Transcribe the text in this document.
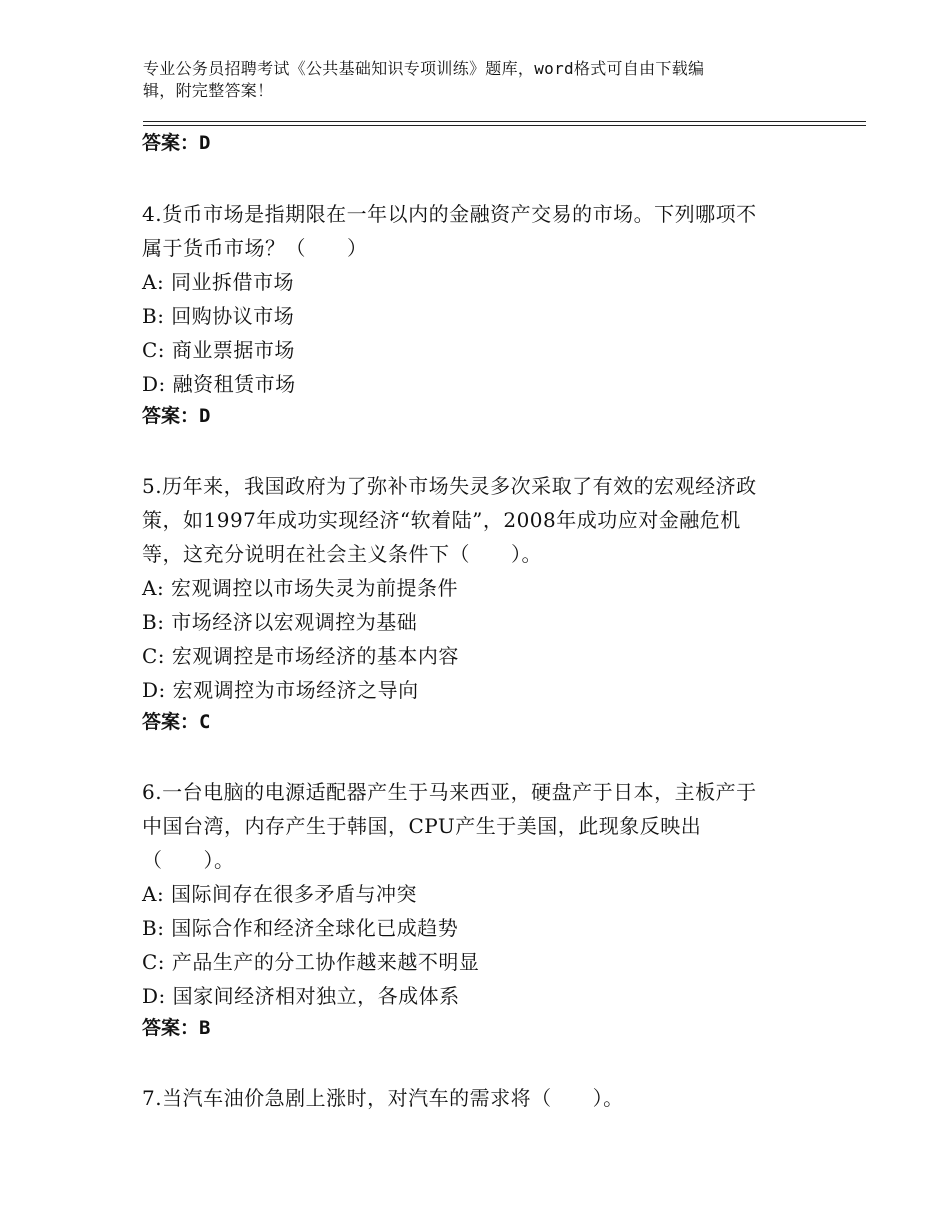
专业公务员招聘考试《公共基础知识专项训练》题库，word格式可自由下载编
辑，附完整答案！
答案：D
4.货币市场是指期限在一年以内的金融资产交易的市场。下列哪项不
属于货币市场？（　　）
A: 同业拆借市场
B: 回购协议市场
C: 商业票据市场
D: 融资租赁市场
答案：D
5.历年来，我国政府为了弥补市场失灵多次采取了有效的宏观经济政
策，如1997年成功实现经济“软着陆”，2008年成功应对金融危机
等，这充分说明在社会主义条件下（　　）。
A: 宏观调控以市场失灵为前提条件
B: 市场经济以宏观调控为基础
C: 宏观调控是市场经济的基本内容
D: 宏观调控为市场经济之导向
答案：C
6.一台电脑的电源适配器产生于马来西亚，硬盘产于日本，主板产于
中国台湾，内存产生于韩国，CPU产生于美国，此现象反映出
（　　）。
A: 国际间存在很多矛盾与冲突
B: 国际合作和经济全球化已成趋势
C: 产品生产的分工协作越来越不明显
D: 国家间经济相对独立，各成体系
答案：B
7.当汽车油价急剧上涨时，对汽车的需求将（　　）。
